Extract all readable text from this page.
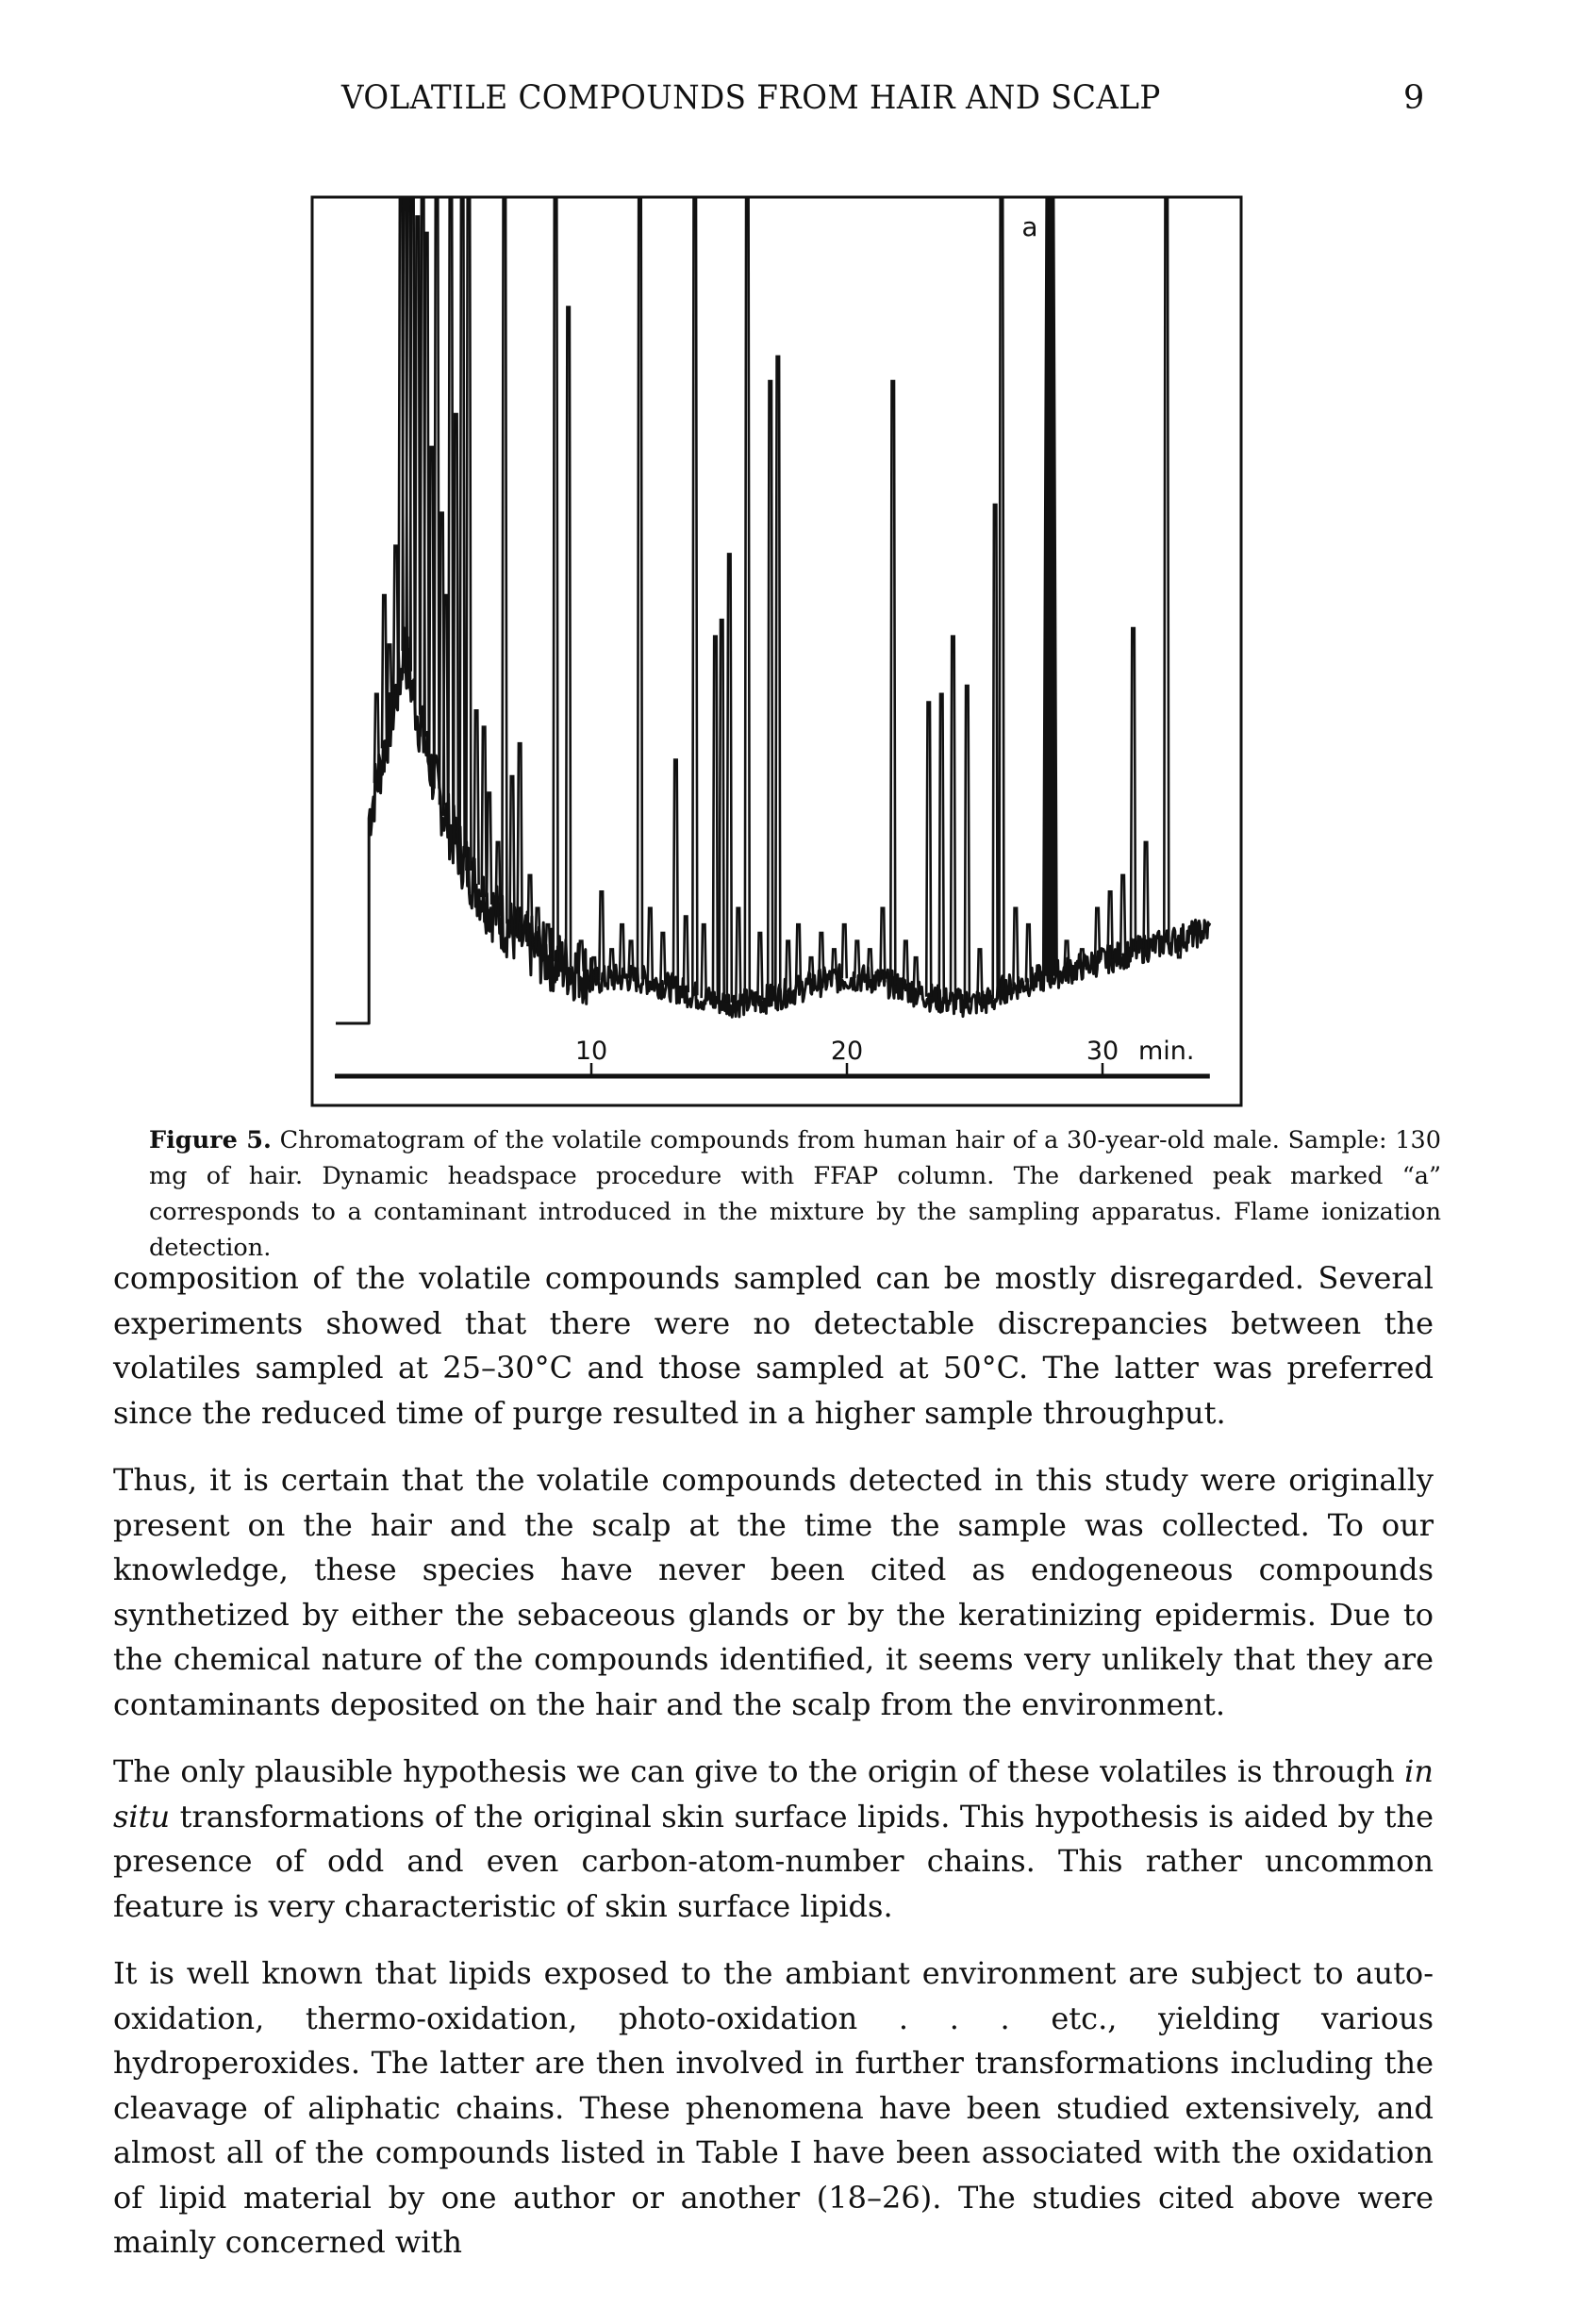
VOLATILE COMPOUNDS FROM HAIR AND SCALP	9
a
10	20	30 min.
Figure 5. Chromatogram of the volatile compounds from human hair of a 30-year-old male. Sample: 130 mg of hair. Dynamic headspace procedure with FFAP column. The darkened peak marked “a” corresponds to a contaminant introduced in the mixture by the sampling apparatus. Flame ionization detection.

composition of the volatile compounds sampled can be mostly disregarded. Several experiments showed that there were no detectable discrepancies between the volatiles sampled at 25–30°C and those sampled at 50°C. The latter was preferred since the reduced time of purge resulted in a higher sample throughput.

Thus, it is certain that the volatile compounds detected in this study were originally present on the hair and the scalp at the time the sample was collected. To our knowledge, these species have never been cited as endogeneous compounds synthetized by either the sebaceous glands or by the keratinizing epidermis. Due to the chemical nature of the compounds identified, it seems very unlikely that they are contaminants deposited on the hair and the scalp from the environment.

The only plausible hypothesis we can give to the origin of these volatiles is through in situ transformations of the original skin surface lipids. This hypothesis is aided by the presence of odd and even carbon-atom-number chains. This rather uncommon feature is very characteristic of skin surface lipids.

It is well known that lipids exposed to the ambiant environment are subject to auto-oxidation, thermo-oxidation, photo-oxidation . . . etc., yielding various hydroperoxides. The latter are then involved in further transformations including the cleavage of aliphatic chains. These phenomena have been studied extensively, and almost all of the compounds listed in Table I have been associated with the oxidation of lipid material by one author or another (18–26). The studies cited above were mainly concerned with
